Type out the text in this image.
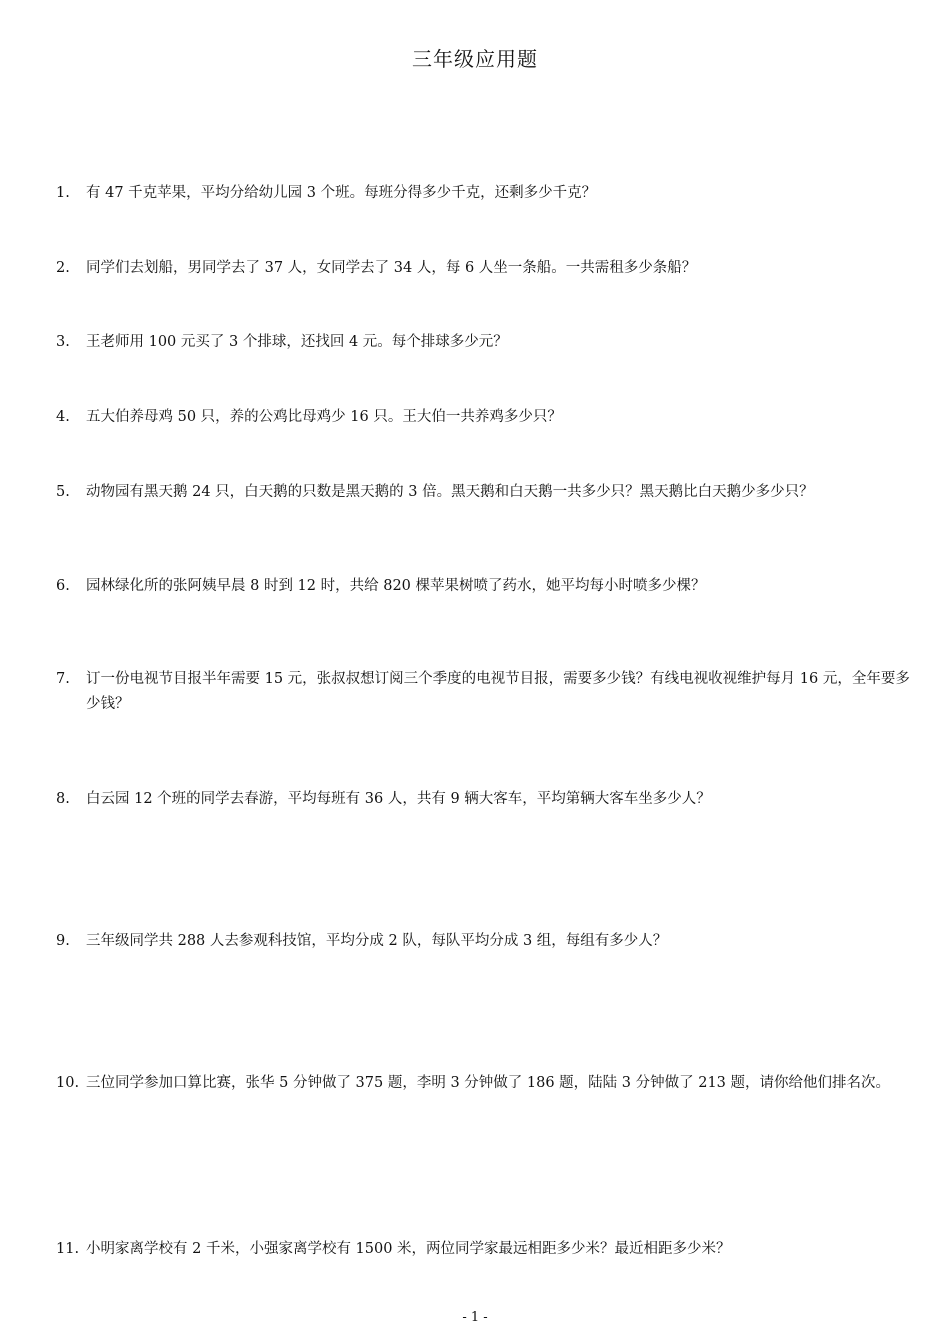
三年级应用题
1.	有 47 千克苹果，平均分给幼儿园 3 个班。每班分得多少千克，还剩多少千克？
2.	同学们去划船，男同学去了 37 人，女同学去了 34 人，每 6 人坐一条船。一共需租多少条船？
3.	王老师用 100 元买了 3 个排球，还找回 4 元。每个排球多少元？
4.	五大伯养母鸡 50 只，养的公鸡比母鸡少 16 只。王大伯一共养鸡多少只？
5.	动物园有黑天鹅 24 只，白天鹅的只数是黑天鹅的 3 倍。黑天鹅和白天鹅一共多少只？黑天鹅比白天鹅少多少只？
6.	园林绿化所的张阿姨早晨 8 时到 12 时，共给 820 棵苹果树喷了药水，她平均每小时喷多少棵？
7.	订一份电视节目报半年需要 15 元，张叔叔想订阅三个季度的电视节目报，需要多少钱？有线电视收视维护每月 16 元，全年要多少钱？
8.	白云园 12 个班的同学去春游，平均每班有 36 人，共有 9 辆大客车，平均第辆大客车坐多少人？
9.	三年级同学共 288 人去参观科技馆，平均分成 2 队，每队平均分成 3 组，每组有多少人？
10. 三位同学参加口算比赛，张华 5 分钟做了 375 题，李明 3 分钟做了 186 题，陆陆 3 分钟做了 213 题，请你给他们排名次。
11. 小明家离学校有 2 千米，小强家离学校有 1500 米，两位同学家最远相距多少米？最近相距多少米？
- 1 -
